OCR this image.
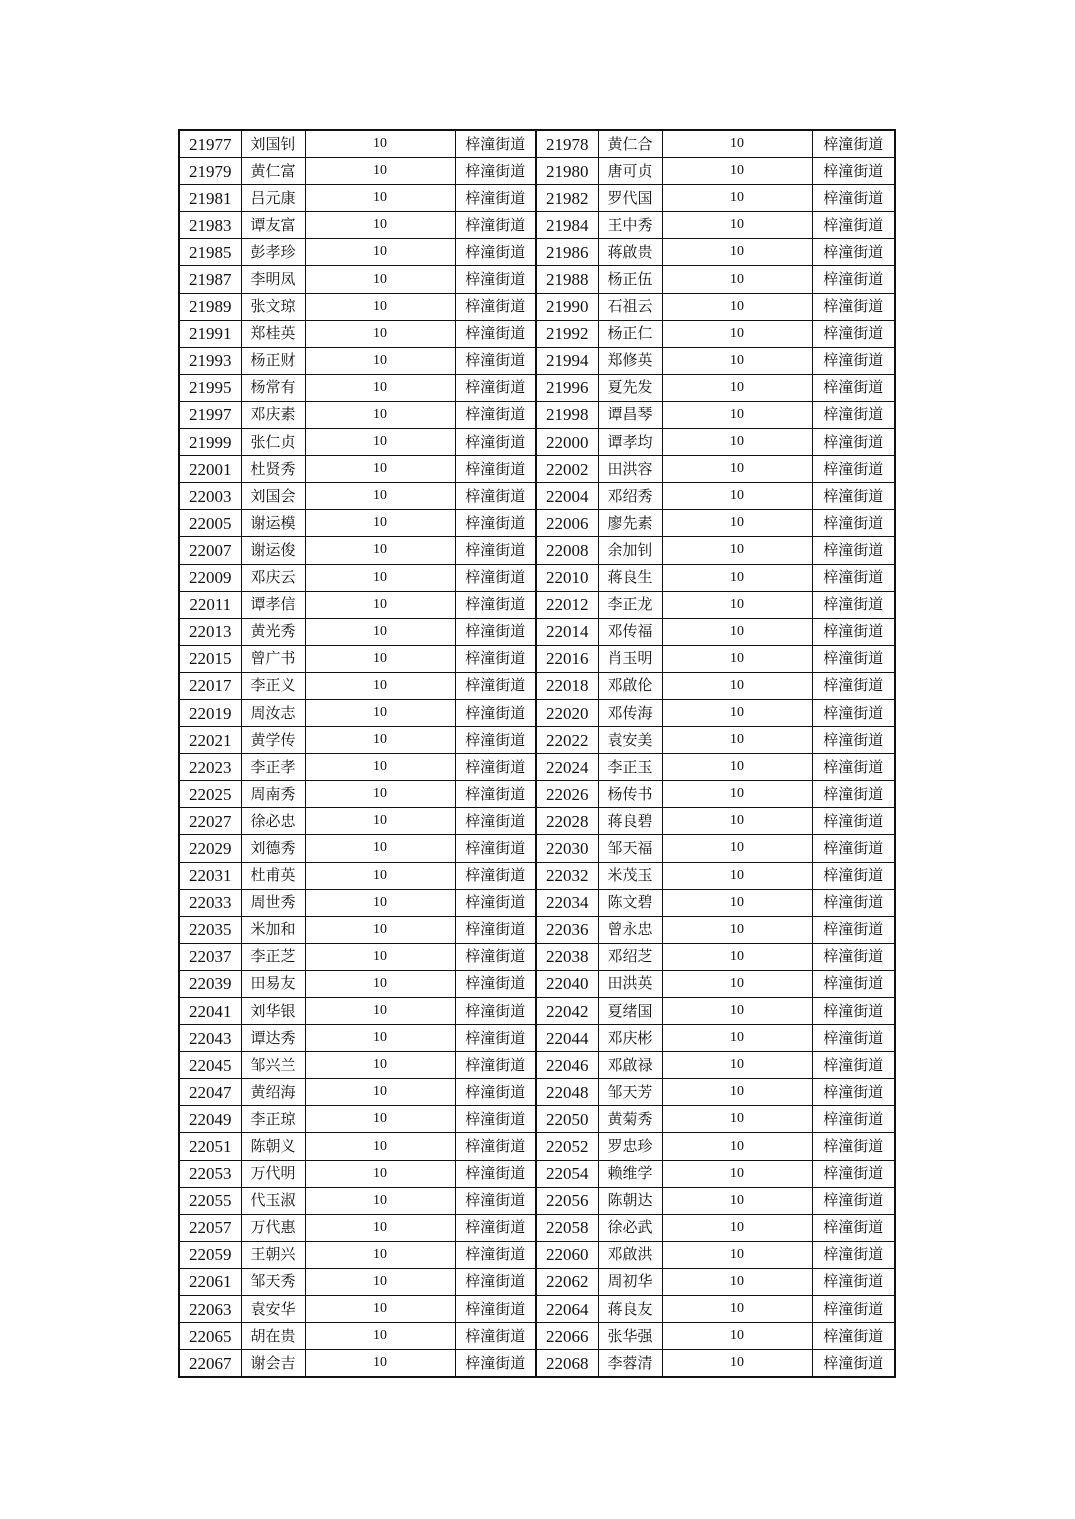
21977	刘国钊	10	梓潼街道	21978	黄仁合	10	梓潼街道
21979	黄仁富	10	梓潼街道	21980	唐可贞	10	梓潼街道
21981	吕元康	10	梓潼街道	21982	罗代国	10	梓潼街道
21983	谭友富	10	梓潼街道	21984	王中秀	10	梓潼街道
21985	彭孝珍	10	梓潼街道	21986	蒋啟贵	10	梓潼街道
21987	李明凤	10	梓潼街道	21988	杨正伍	10	梓潼街道
21989	张文琼	10	梓潼街道	21990	石祖云	10	梓潼街道
21991	郑桂英	10	梓潼街道	21992	杨正仁	10	梓潼街道
21993	杨正财	10	梓潼街道	21994	郑修英	10	梓潼街道
21995	杨常有	10	梓潼街道	21996	夏先发	10	梓潼街道
21997	邓庆素	10	梓潼街道	21998	谭昌琴	10	梓潼街道
21999	张仁贞	10	梓潼街道	22000	谭孝均	10	梓潼街道
22001	杜贤秀	10	梓潼街道	22002	田洪容	10	梓潼街道
22003	刘国会	10	梓潼街道	22004	邓绍秀	10	梓潼街道
22005	谢运模	10	梓潼街道	22006	廖先素	10	梓潼街道
22007	谢运俊	10	梓潼街道	22008	余加钊	10	梓潼街道
22009	邓庆云	10	梓潼街道	22010	蒋良生	10	梓潼街道
22011	谭孝信	10	梓潼街道	22012	李正龙	10	梓潼街道
22013	黄光秀	10	梓潼街道	22014	邓传福	10	梓潼街道
22015	曾广书	10	梓潼街道	22016	肖玉明	10	梓潼街道
22017	李正义	10	梓潼街道	22018	邓啟伦	10	梓潼街道
22019	周汝志	10	梓潼街道	22020	邓传海	10	梓潼街道
22021	黄学传	10	梓潼街道	22022	袁安美	10	梓潼街道
22023	李正孝	10	梓潼街道	22024	李正玉	10	梓潼街道
22025	周南秀	10	梓潼街道	22026	杨传书	10	梓潼街道
22027	徐必忠	10	梓潼街道	22028	蒋良碧	10	梓潼街道
22029	刘德秀	10	梓潼街道	22030	邹天福	10	梓潼街道
22031	杜甫英	10	梓潼街道	22032	米茂玉	10	梓潼街道
22033	周世秀	10	梓潼街道	22034	陈文碧	10	梓潼街道
22035	米加和	10	梓潼街道	22036	曾永忠	10	梓潼街道
22037	李正芝	10	梓潼街道	22038	邓绍芝	10	梓潼街道
22039	田易友	10	梓潼街道	22040	田洪英	10	梓潼街道
22041	刘华银	10	梓潼街道	22042	夏绪国	10	梓潼街道
22043	谭达秀	10	梓潼街道	22044	邓庆彬	10	梓潼街道
22045	邹兴兰	10	梓潼街道	22046	邓啟禄	10	梓潼街道
22047	黄绍海	10	梓潼街道	22048	邹天芳	10	梓潼街道
22049	李正琼	10	梓潼街道	22050	黄菊秀	10	梓潼街道
22051	陈朝义	10	梓潼街道	22052	罗忠珍	10	梓潼街道
22053	万代明	10	梓潼街道	22054	赖维学	10	梓潼街道
22055	代玉淑	10	梓潼街道	22056	陈朝达	10	梓潼街道
22057	万代惠	10	梓潼街道	22058	徐必武	10	梓潼街道
22059	王朝兴	10	梓潼街道	22060	邓啟洪	10	梓潼街道
22061	邹天秀	10	梓潼街道	22062	周初华	10	梓潼街道
22063	袁安华	10	梓潼街道	22064	蒋良友	10	梓潼街道
22065	胡在贵	10	梓潼街道	22066	张华强	10	梓潼街道
22067	谢会吉	10	梓潼街道	22068	李蓉清	10	梓潼街道
